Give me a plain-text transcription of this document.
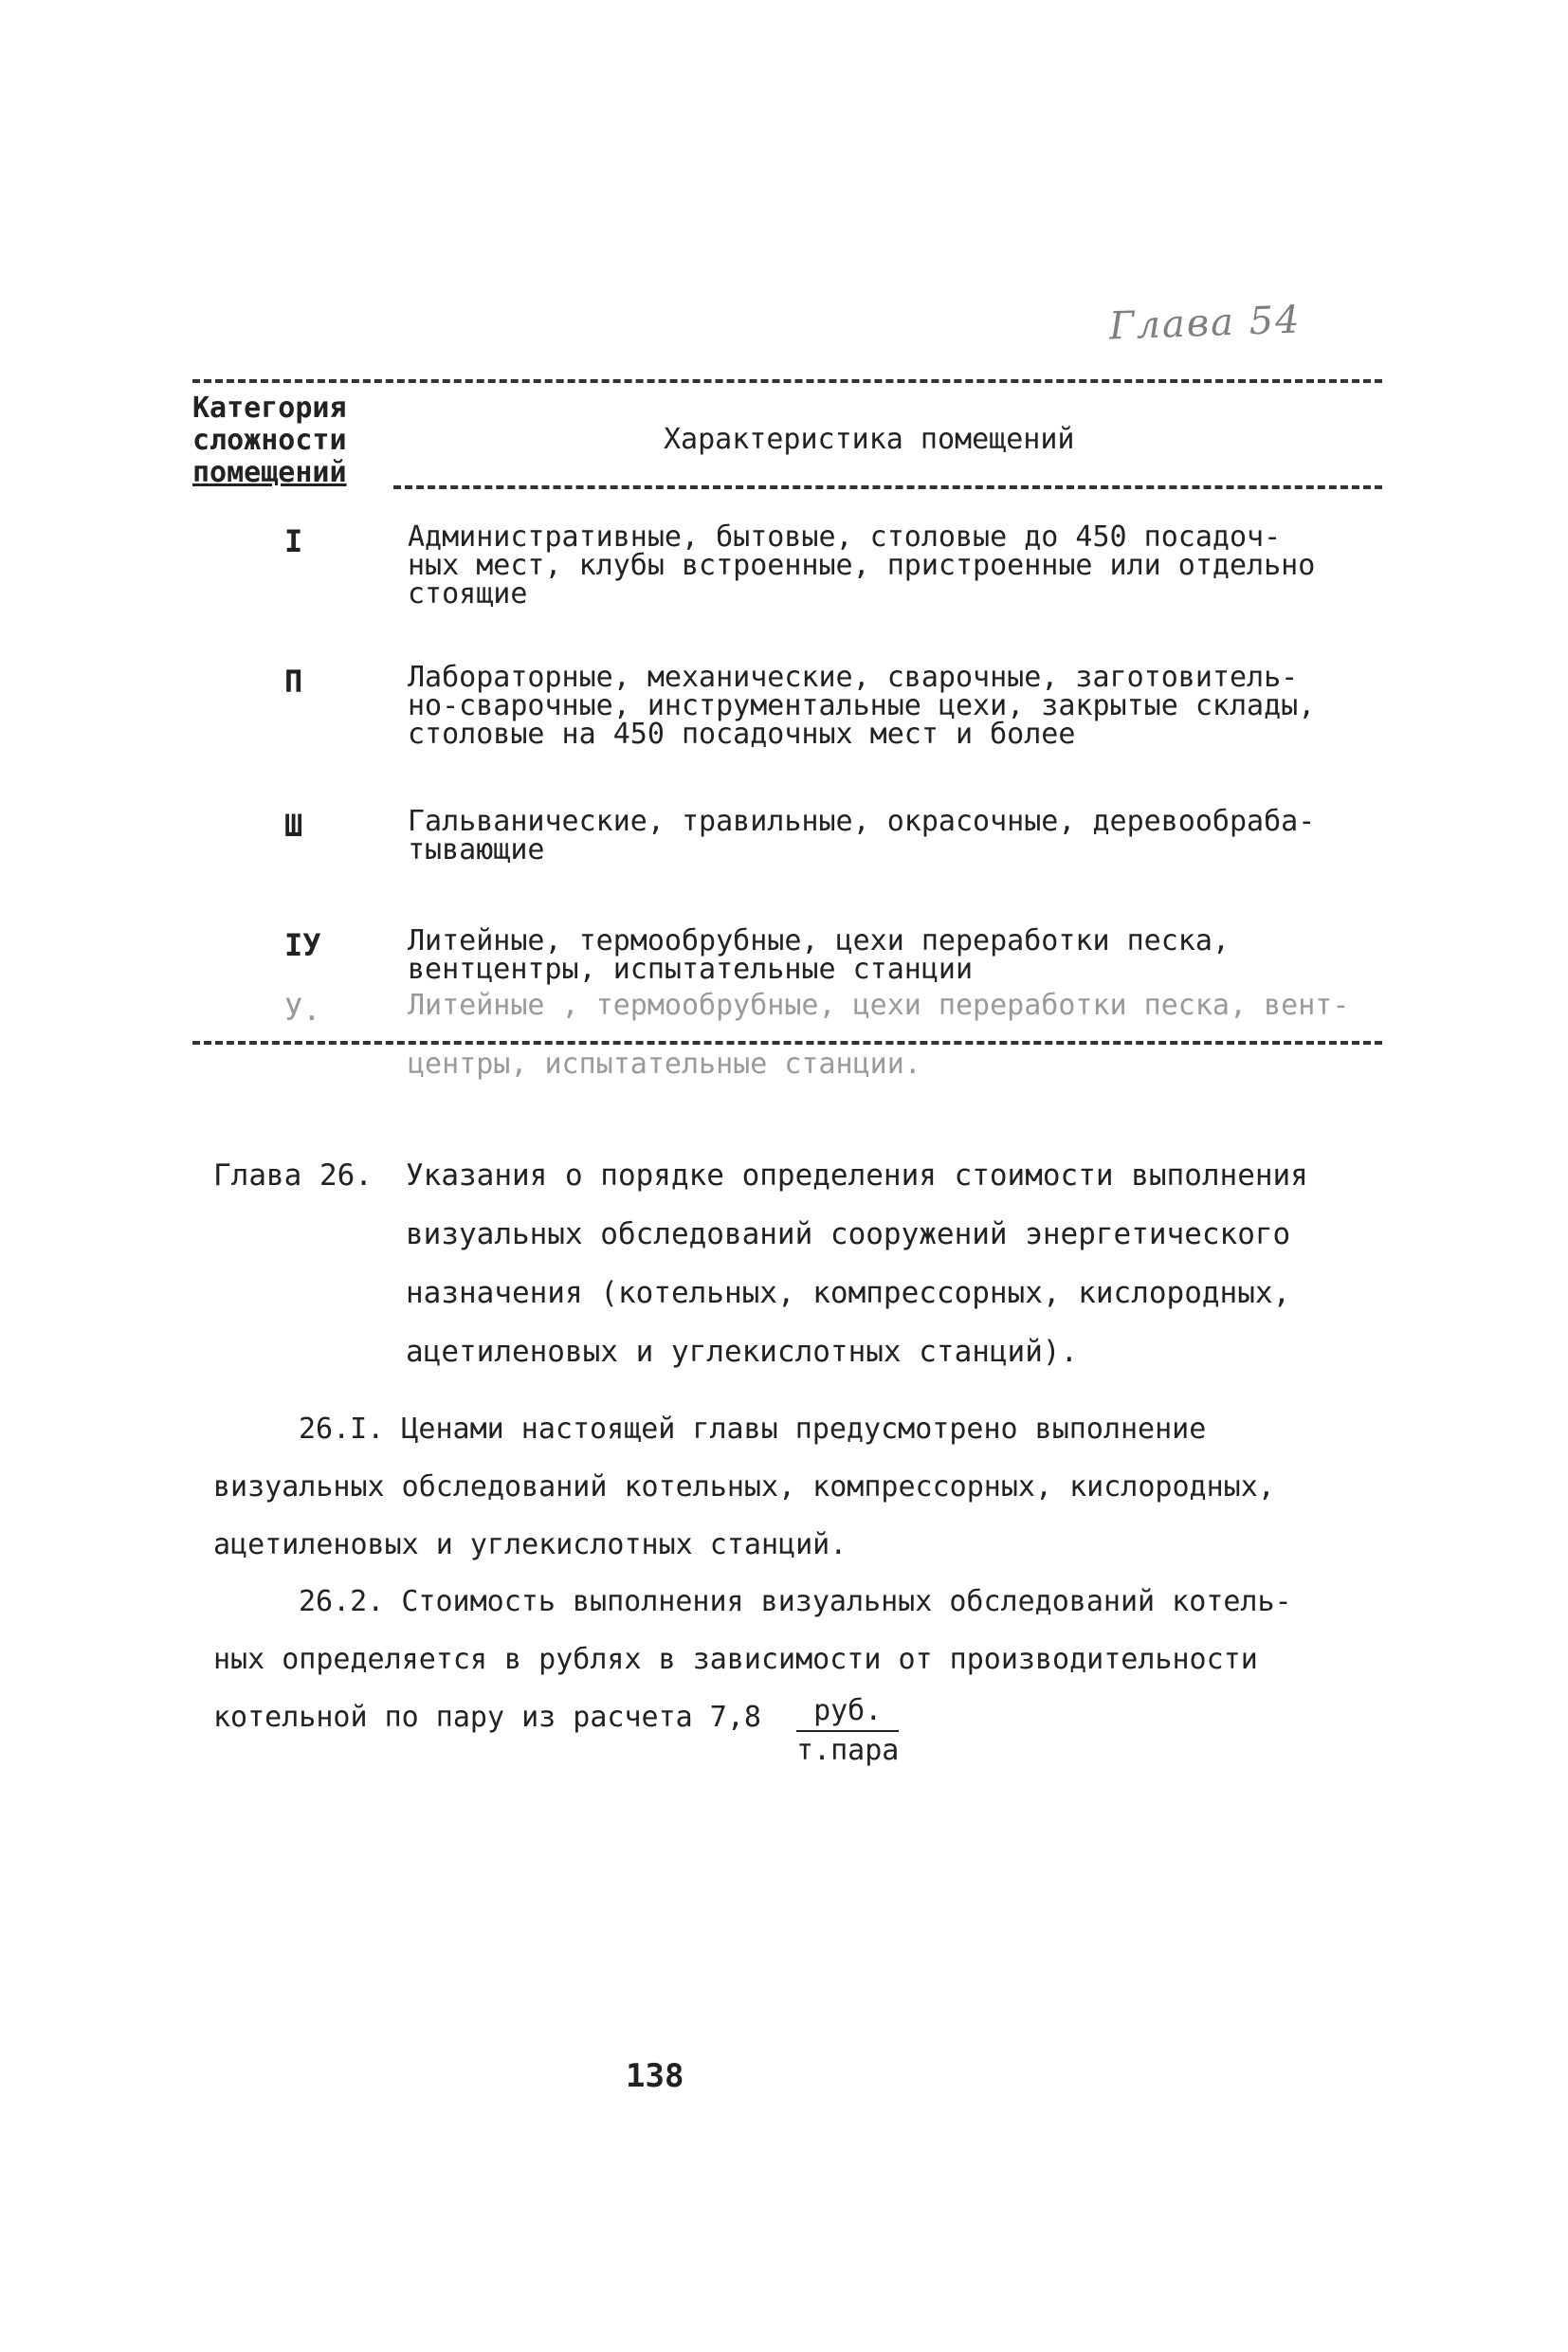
Глава 54
Категория
сложности
помещений
Характеристика помещений
I	Административные, бытовые, столовые до 450 посадоч-
ных мест, клубы встроенные, пристроенные или отдельно
стоящие
П	Лабораторные, механические, сварочные, заготовитель-
но-сварочные, инструментальные цехи, закрытые склады,
столовые на 450 посадочных мест и более
Ш	Гальванические, травильные, окрасочные, деревообраба-
тывающие
ІУ	Литейные, термообрубные, цехи переработки песка,
вентцентры, испытательные станции
У.	Литейные , термообрубные, цехи переработки песка, вент-
центры, испытательные станции.
Глава 26. Указания о порядке определения стоимости выполнения
визуальных обследований сооружений энергетического
назначения (котельных, компрессорных, кислородных,
ацетиленовых и углекислотных станций).
26.I. Ценами настоящей главы предусмотрено выполнение
визуальных обследований котельных, компрессорных, кислородных,
ацетиленовых и углекислотных станций.
26.2. Стоимость выполнения визуальных обследований котель-
ных определяется в рублях в зависимости от производительности
котельной по пару из расчета 7,8	руб.
т.пара
138
